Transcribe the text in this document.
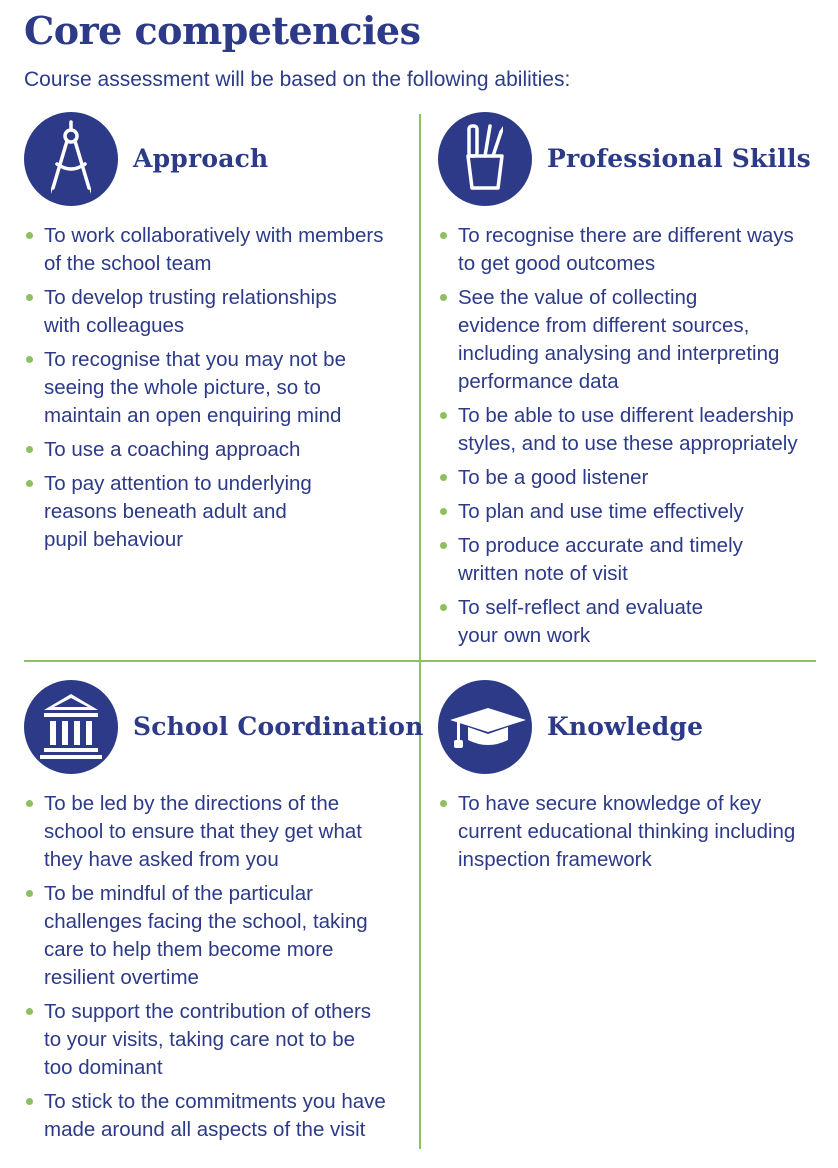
Core competencies

Course assessment will be based on the following abilities:

Approach
To work collaboratively with members
of the school team
To develop trusting relationships
with colleagues
To recognise that you may not be
seeing the whole picture, so to
maintain an open enquiring mind
To use a coaching approach
To pay attention to underlying
reasons beneath adult and
pupil behaviour
Professional Skills
To recognise there are different ways
to get good outcomes
See the value of collecting
evidence from different sources,
including analysing and interpreting
performance data
To be able to use different leadership
styles, and to use these appropriately
To be a good listener
To plan and use time effectively
To produce accurate and timely
written note of visit
To self-reflect and evaluate
your own work
School Coordination
To be led by the directions of the
school to ensure that they get what
they have asked from you
To be mindful of the particular
challenges facing the school, taking
care to help them become more
resilient overtime
To support the contribution of others
to your visits, taking care not to be
too dominant
To stick to the commitments you have
made around all aspects of the visit
Knowledge
To have secure knowledge of key
current educational thinking including
inspection framework
